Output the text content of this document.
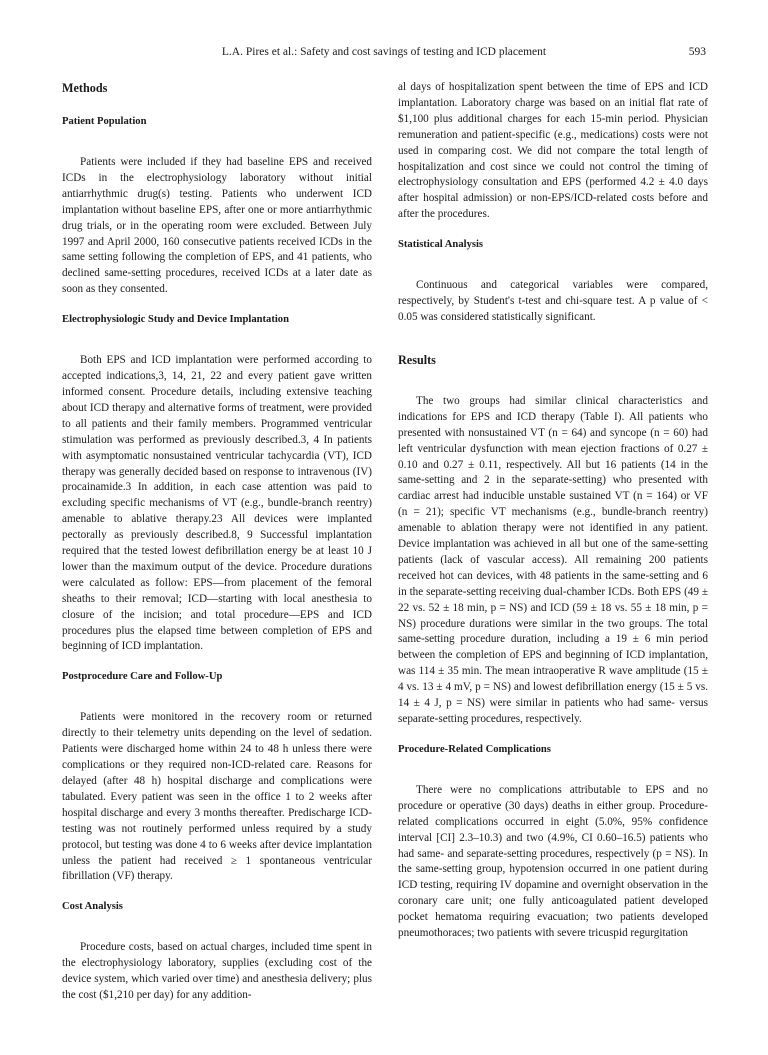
L.A. Pires et al.: Safety and cost savings of testing and ICD placement	593
Methods
Patient Population

Patients were included if they had baseline EPS and received ICDs in the electrophysiology laboratory without initial antiarrhythmic drug(s) testing. Patients who underwent ICD implantation without baseline EPS, after one or more antiarrhythmic drug trials, or in the operating room were excluded. Between July 1997 and April 2000, 160 consecutive patients received ICDs in the same setting following the completion of EPS, and 41 patients, who declined same-setting procedures, received ICDs at a later date as soon as they consented.

Electrophysiologic Study and Device Implantation

Both EPS and ICD implantation were performed according to accepted indications,3, 14, 21, 22 and every patient gave written informed consent. Procedure details, including extensive teaching about ICD therapy and alternative forms of treatment, were provided to all patients and their family members. Programmed ventricular stimulation was performed as previously described.3, 4 In patients with asymptomatic nonsustained ventricular tachycardia (VT), ICD therapy was generally decided based on response to intravenous (IV) procainamide.3 In addition, in each case attention was paid to excluding specific mechanisms of VT (e.g., bundle-branch reentry) amenable to ablative therapy.23 All devices were implanted pectorally as previously described.8, 9 Successful implantation required that the tested lowest defibrillation energy be at least 10 J lower than the maximum output of the device. Procedure durations were calculated as follow: EPS—from placement of the femoral sheaths to their removal; ICD—starting with local anesthesia to closure of the incision; and total procedure—EPS and ICD procedures plus the elapsed time between completion of EPS and beginning of ICD implantation.

Postprocedure Care and Follow-Up

Patients were monitored in the recovery room or returned directly to their telemetry units depending on the level of sedation. Patients were discharged home within 24 to 48 h unless there were complications or they required non-ICD-related care. Reasons for delayed (after 48 h) hospital discharge and complications were tabulated. Every patient was seen in the office 1 to 2 weeks after hospital discharge and every 3 months thereafter. Predischarge ICD-testing was not routinely performed unless required by a study protocol, but testing was done 4 to 6 weeks after device implantation unless the patient had received ≥ 1 spontaneous ventricular fibrillation (VF) therapy.

Cost Analysis

Procedure costs, based on actual charges, included time spent in the electrophysiology laboratory, supplies (excluding cost of the device system, which varied over time) and anesthesia delivery; plus the cost ($1,210 per day) for any addition-

al days of hospitalization spent between the time of EPS and ICD implantation. Laboratory charge was based on an initial flat rate of $1,100 plus additional charges for each 15-min period. Physician remuneration and patient-specific (e.g., medications) costs were not used in comparing cost. We did not compare the total length of hospitalization and cost since we could not control the timing of electrophysiology consultation and EPS (performed 4.2 ± 4.0 days after hospital admission) or non-EPS/ICD-related costs before and after the procedures.

Statistical Analysis

Continuous and categorical variables were compared, respectively, by Student's t-test and chi-square test. A p value of < 0.05 was considered statistically significant.

Results

The two groups had similar clinical characteristics and indications for EPS and ICD therapy (Table I). All patients who presented with nonsustained VT (n = 64) and syncope (n = 60) had left ventricular dysfunction with mean ejection fractions of 0.27 ± 0.10 and 0.27 ± 0.11, respectively. All but 16 patients (14 in the same-setting and 2 in the separate-setting) who presented with cardiac arrest had inducible unstable sustained VT (n = 164) or VF (n = 21); specific VT mechanisms (e.g., bundle-branch reentry) amenable to ablation therapy were not identified in any patient. Device implantation was achieved in all but one of the same-setting patients (lack of vascular access). All remaining 200 patients received hot can devices, with 48 patients in the same-setting and 6 in the separate-setting receiving dual-chamber ICDs. Both EPS (49 ± 22 vs. 52 ± 18 min, p = NS) and ICD (59 ± 18 vs. 55 ± 18 min, p = NS) procedure durations were similar in the two groups. The total same-setting procedure duration, including a 19 ± 6 min period between the completion of EPS and beginning of ICD implantation, was 114 ± 35 min. The mean intraoperative R wave amplitude (15 ± 4 vs. 13 ± 4 mV, p = NS) and lowest defibrillation energy (15 ± 5 vs. 14 ± 4 J, p = NS) were similar in patients who had same- versus separate-setting procedures, respectively.

Procedure-Related Complications

There were no complications attributable to EPS and no procedure or operative (30 days) deaths in either group. Procedure-related complications occurred in eight (5.0%, 95% confidence interval [CI] 2.3–10.3) and two (4.9%, CI 0.60–16.5) patients who had same- and separate-setting procedures, respectively (p = NS). In the same-setting group, hypotension occurred in one patient during ICD testing, requiring IV dopamine and overnight observation in the coronary care unit; one fully anticoagulated patient developed pocket hematoma requiring evacuation; two patients developed pneumothoraces; two patients with severe tricuspid regurgitation
